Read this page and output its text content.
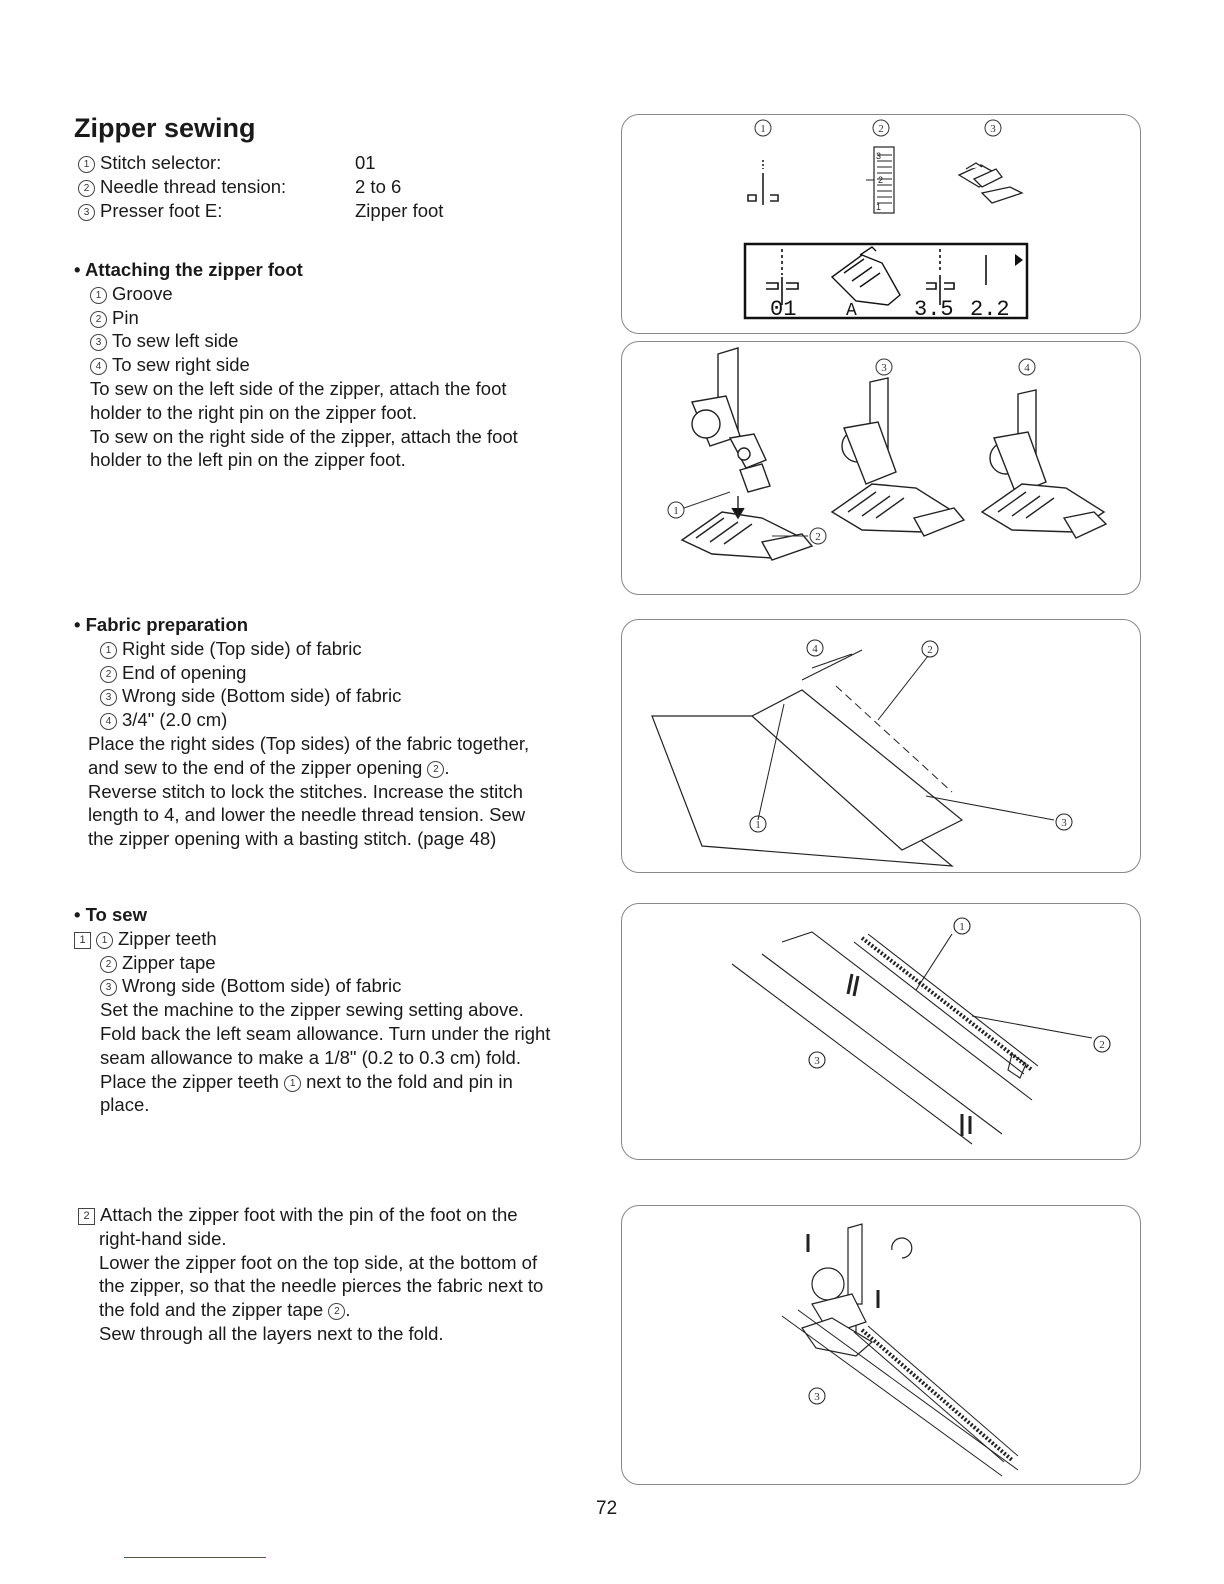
Zipper sewing
1 Stitch selector:	01
2 Needle thread tension:	2 to 6
3 Presser foot E:	Zipper foot
• Attaching the zipper foot
1 Groove
2 Pin
3 To sew left side
4 To sew right side
To sew on the left side of the zipper, attach the foot
holder to the right pin on the zipper foot.
To sew on the right side of the zipper, attach the foot
holder to the left pin on the zipper foot.
• Fabric preparation
1 Right side (Top side) of fabric
2 End of opening
3 Wrong side (Bottom side) of fabric
4 3/4" (2.0 cm)
Place the right sides (Top sides) of the fabric together,
and sew to the end of the zipper opening 2 .
Reverse stitch to lock the stitches. Increase the stitch
length to 4, and lower the needle thread tension. Sew
the zipper opening with a basting stitch. (page 48)
• To sew
1 1 Zipper teeth
2 Zipper tape
3 Wrong side (Bottom side) of fabric
Set the machine to the zipper sewing setting above.
Fold back the left seam allowance. Turn under the right
seam allowance to make a 1/8" (0.2 to 0.3 cm) fold.
Place the zipper teeth 1 next to the fold and pin in
place.
2 Attach the zipper foot with the pin of the foot on the
right-hand side.
Lower the zipper foot on the top side, at the bottom of
the zipper, so that the needle pierces the fabric next to
the fold and the zipper tape 2 .
Sew through all the layers next to the fold.
1	2	3
3
2
1
01	A	3.5 2.2
1
2
3	4
1
2
3
4
1
2
3
3
72
